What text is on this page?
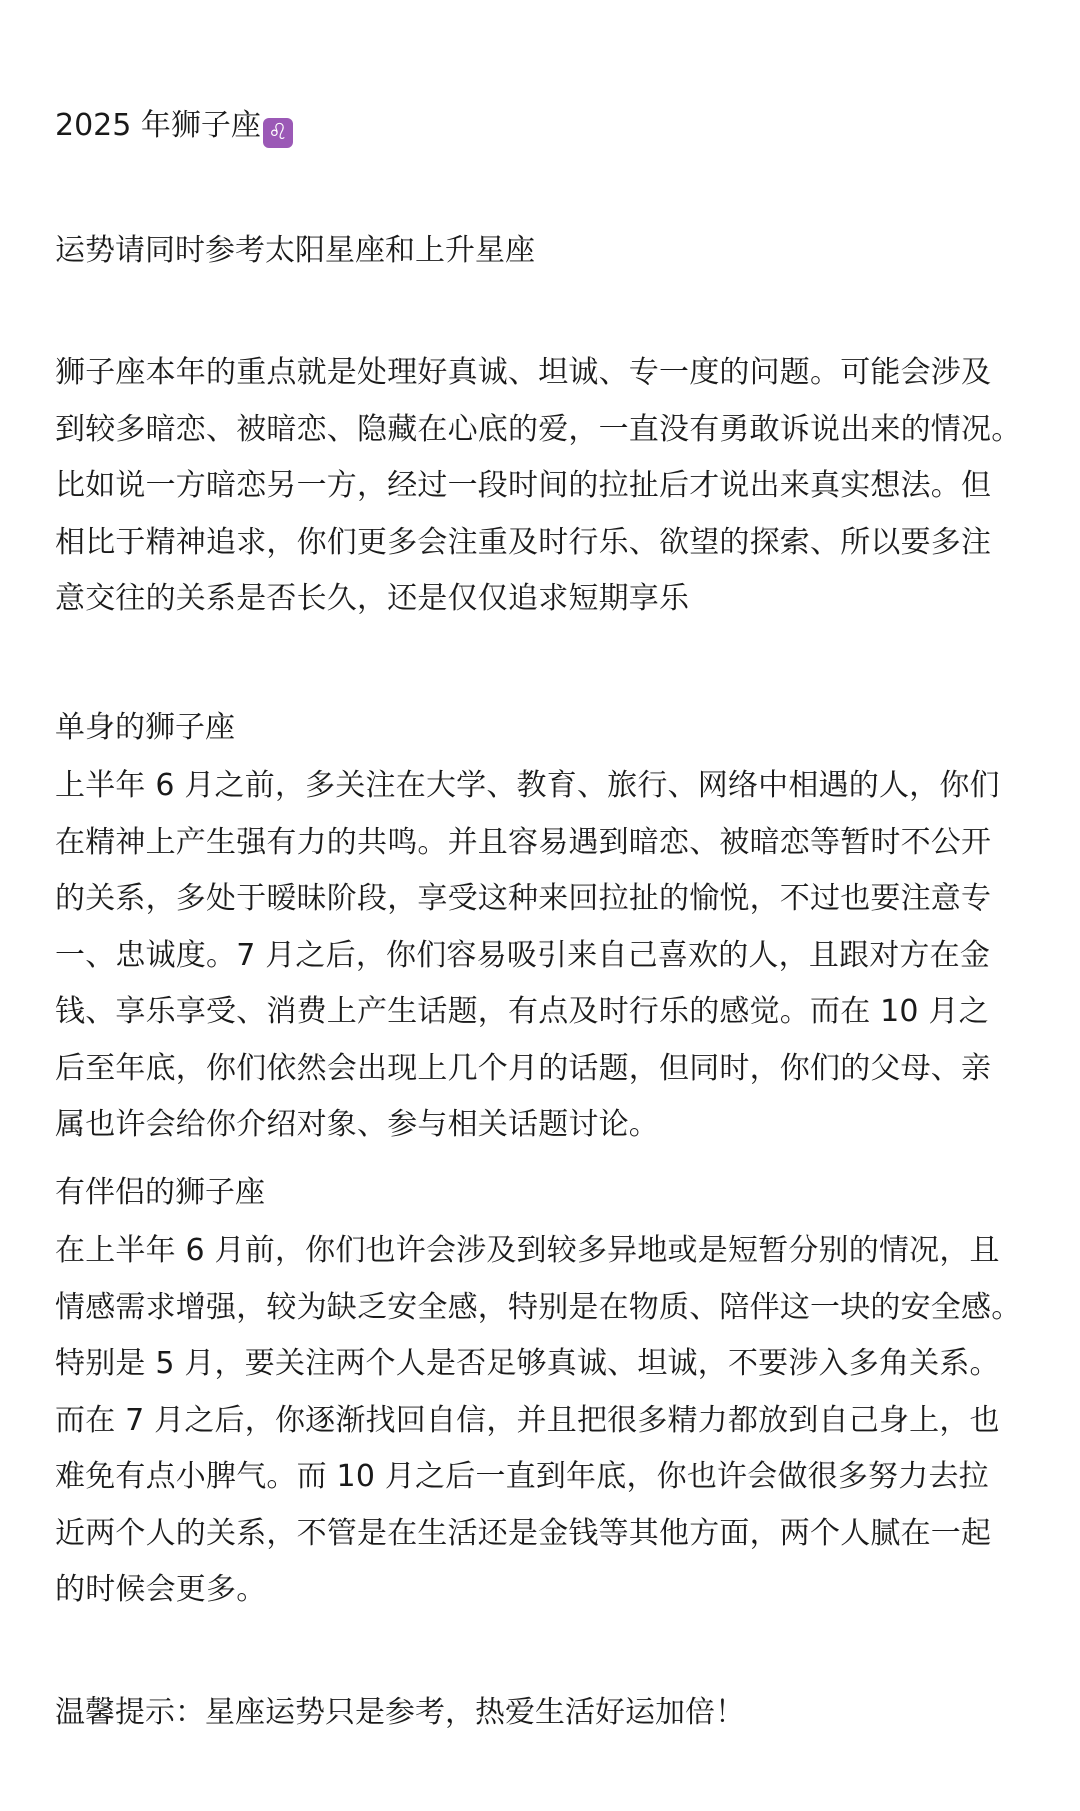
2025 年狮子座 ♌

运势请同时参考太阳星座和上升星座

狮子座本年的重点就是处理好真诚、坦诚、专一度的问题。可能会涉及
到较多暗恋、被暗恋、隐藏在心底的爱，一直没有勇敢诉说出来的情况。
比如说一方暗恋另一方，经过一段时间的拉扯后才说出来真实想法。但
相比于精神追求，你们更多会注重及时行乐、欲望的探索、所以要多注
意交往的关系是否长久，还是仅仅追求短期享乐

单身的狮子座

上半年 6 月之前，多关注在大学、教育、旅行、网络中相遇的人，你们
在精神上产生强有力的共鸣。并且容易遇到暗恋、被暗恋等暂时不公开
的关系，多处于暧昧阶段，享受这种来回拉扯的愉悦，不过也要注意专
一、忠诚度。7 月之后，你们容易吸引来自己喜欢的人，且跟对方在金
钱、享乐享受、消费上产生话题，有点及时行乐的感觉。而在 10 月之
后至年底，你们依然会出现上几个月的话题，但同时，你们的父母、亲
属也许会给你介绍对象、参与相关话题讨论。

有伴侣的狮子座

在上半年 6 月前，你们也许会涉及到较多异地或是短暂分别的情况，且
情感需求增强，较为缺乏安全感，特别是在物质、陪伴这一块的安全感。
特别是 5 月，要关注两个人是否足够真诚、坦诚，不要涉入多角关系。
而在 7 月之后，你逐渐找回自信，并且把很多精力都放到自己身上，也
难免有点小脾气。而 10 月之后一直到年底，你也许会做很多努力去拉
近两个人的关系，不管是在生活还是金钱等其他方面，两个人腻在一起
的时候会更多。

温馨提示：星座运势只是参考，热爱生活好运加倍！
